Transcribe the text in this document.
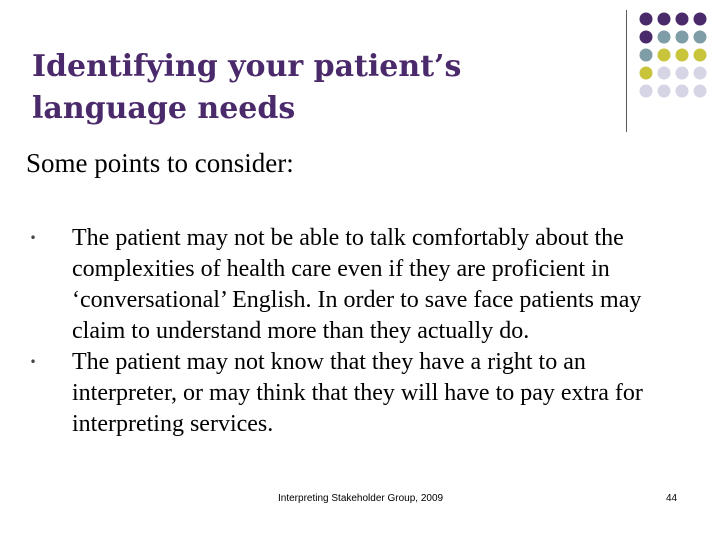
Identifying your patient’s language needs
Some points to consider:
• The patient may not be able to talk comfortably about the complexities of health care even if they are proficient in ‘conversational’ English. In order to save face patients may claim to understand more than they actually do.
• The patient may not know that they have a right to an interpreter, or may think that they will have to pay extra for interpreting services.
Interpreting Stakeholder Group, 2009	44
